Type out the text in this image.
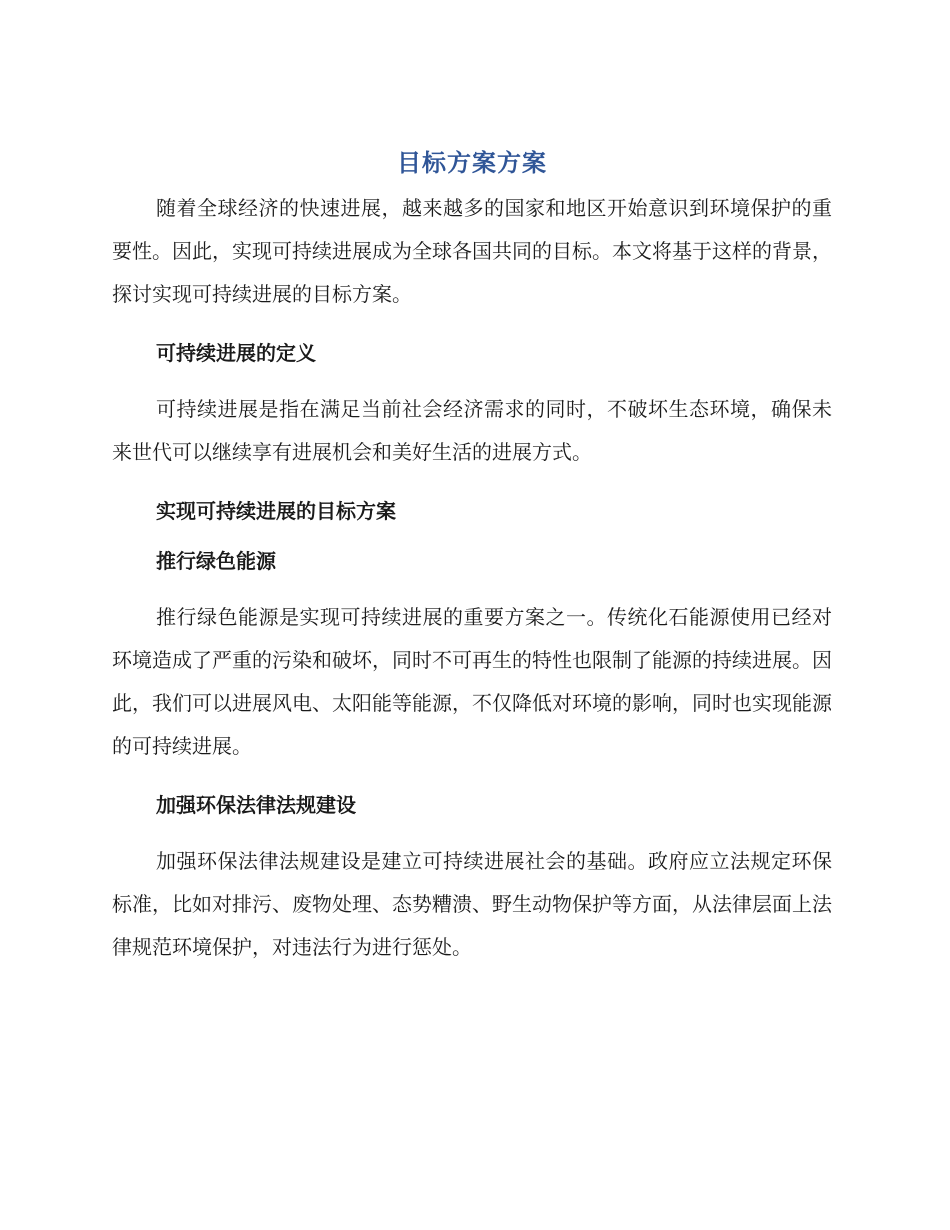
目标方案方案

随着全球经济的快速进展，越来越多的国家和地区开始意识到环境保护的重要性。因此，实现可持续进展成为全球各国共同的目标。本文将基于这样的背景，探讨实现可持续进展的目标方案。

可持续进展的定义

可持续进展是指在满足当前社会经济需求的同时，不破坏生态环境，确保未来世代可以继续享有进展机会和美好生活的进展方式。

实现可持续进展的目标方案
推行绿色能源

推行绿色能源是实现可持续进展的重要方案之一。传统化石能源使用已经对环境造成了严重的污染和破坏，同时不可再生的特性也限制了能源的持续进展。因此，我们可以进展风电、太阳能等能源，不仅降低对环境的影响，同时也实现能源的可持续进展。

加强环保法律法规建设

加强环保法律法规建设是建立可持续进展社会的基础。政府应立法规定环保标准，比如对排污、废物处理、态势糟溃、野生动物保护等方面，从法律层面上法律规范环境保护，对违法行为进行惩处。
